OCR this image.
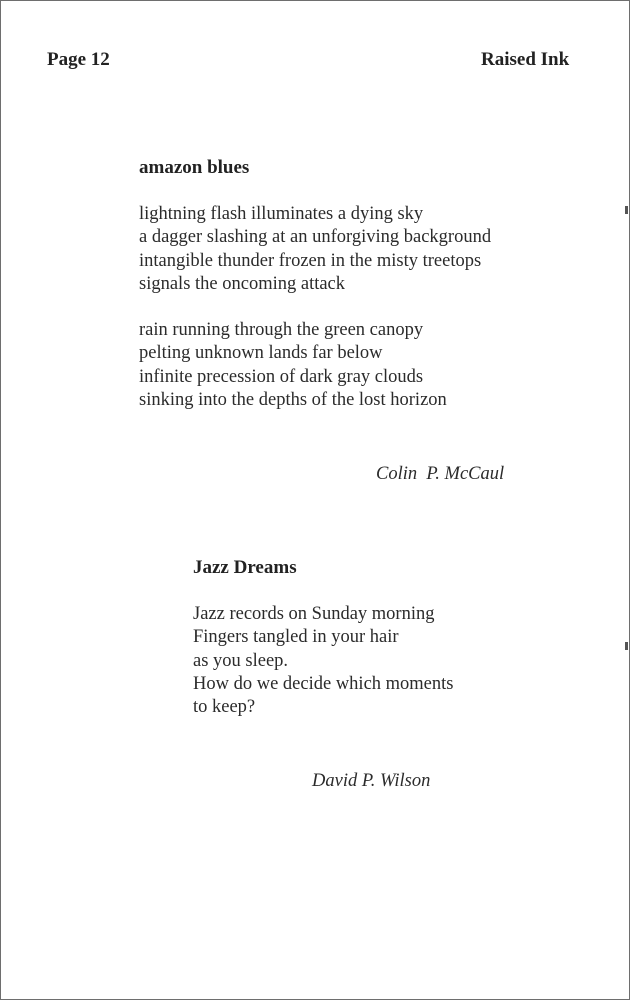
Page 12	Raised Ink
amazon blues

lightning flash illuminates a dying sky
a dagger slashing at an unforgiving background
intangible thunder frozen in the misty treetops
signals the oncoming attack

rain running through the green canopy
pelting unknown lands far below
infinite precession of dark gray clouds
sinking into the depths of the lost horizon

Colin  P. McCaul
Jazz Dreams

Jazz records on Sunday morning
Fingers tangled in your hair
as you sleep.
How do we decide which moments
to keep?

David P. Wilson
